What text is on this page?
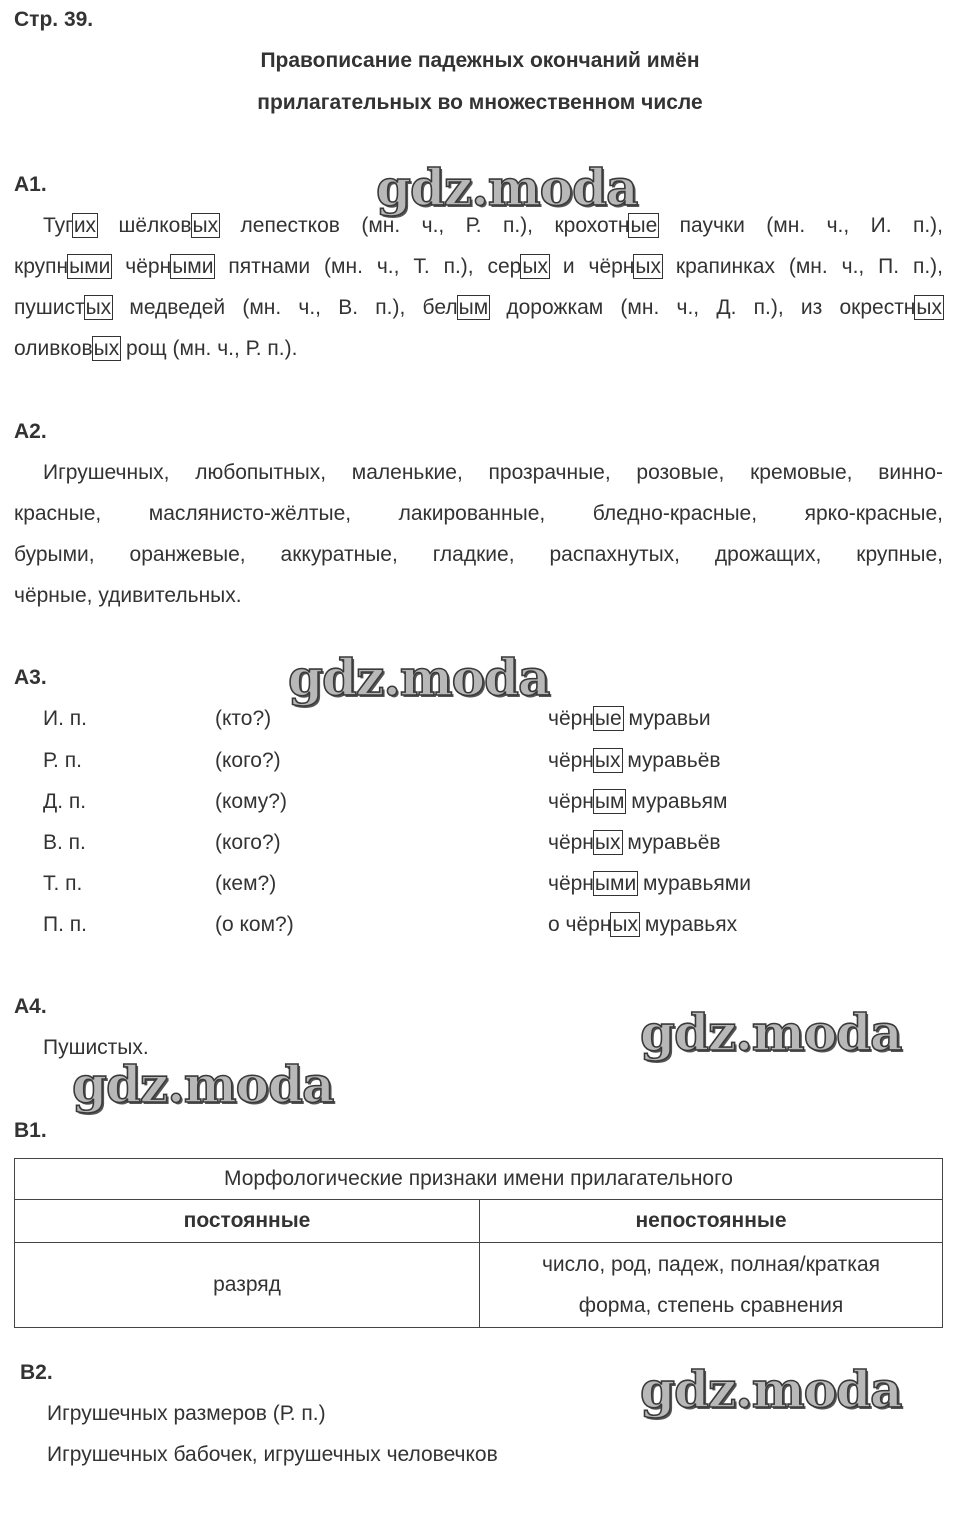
Стр. 39.
Правописание падежных окончаний имён
прилагательных во множественном числе
gdz.moda
gdz.moda
gdz.moda
gdz.moda
gdz.moda
А1.
Тугих шёлковых лепестков (мн. ч., Р. п.), крохотные паучки (мн. ч., И. п.),
крупными чёрными пятнами (мн. ч., Т. п.), серых и чёрных крапинках (мн. ч., П. п.),
пушистых медведей (мн. ч., В. п.), белым дорожкам (мн. ч., Д. п.), из окрестных
оливковых рощ (мн. ч., Р. п.).
А2.
Игрушечных, любопытных, маленькие, прозрачные, розовые, кремовые, винно-
красные, маслянисто-жёлтые, лакированные, бледно-красные, ярко-красные,
бурыми, оранжевые, аккуратные, гладкие, распахнутых, дрожащих, крупные,
чёрные, удивительных.
А3.
И. п.	(кто?)	чёрные муравьи
Р. п.	(кого?)	чёрных муравьёв
Д. п.	(кому?)	чёрным муравьям
В. п.	(кого?)	чёрных муравьёв
Т. п.	(кем?)	чёрными муравьями
П. п.	(о ком?)	о чёрных муравьях
А4.
Пушистых.
В1.
Морфологические признаки имени прилагательного	
постоянные	непостоянные
разряд	число, род, падеж, полная/краткая
форма, степень сравнения
В2.
Игрушечных размеров (Р. п.)
Игрушечных бабочек, игрушечных человечков
